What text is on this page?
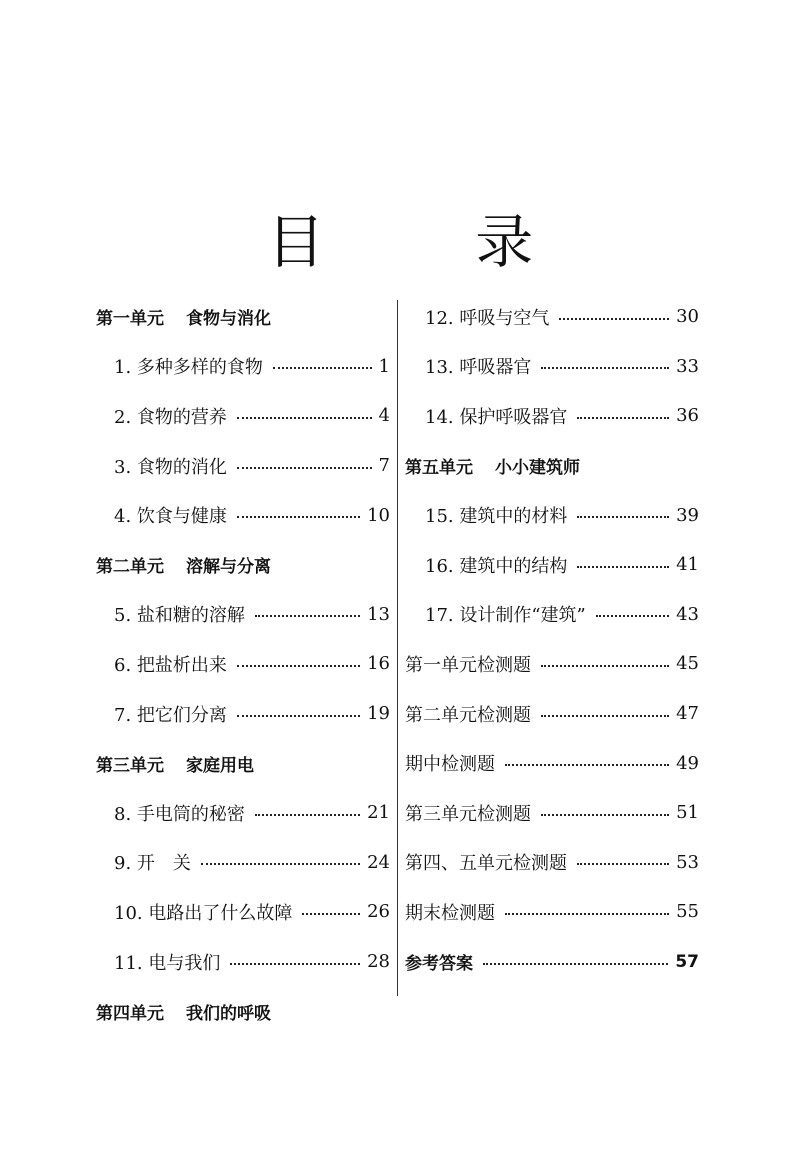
目 录
第一单元 食物与消化
1. 多种多样的食物	1
2. 食物的营养	4
3. 食物的消化	7
4. 饮食与健康	10
第二单元 溶解与分离
5. 盐和糖的溶解	13
6. 把盐析出来	16
7. 把它们分离	19
第三单元 家庭用电
8. 手电筒的秘密	21
9. 开　关	24
10. 电路出了什么故障	26
11. 电与我们	28
第四单元 我们的呼吸
12. 呼吸与空气	30
13. 呼吸器官	33
14. 保护呼吸器官	36
第五单元 小小建筑师
15. 建筑中的材料	39
16. 建筑中的结构	41
17. 设计制作“建筑”	43
第一单元检测题	45
第二单元检测题	47
期中检测题	49
第三单元检测题	51
第四、五单元检测题	53
期末检测题	55
参考答案	57
